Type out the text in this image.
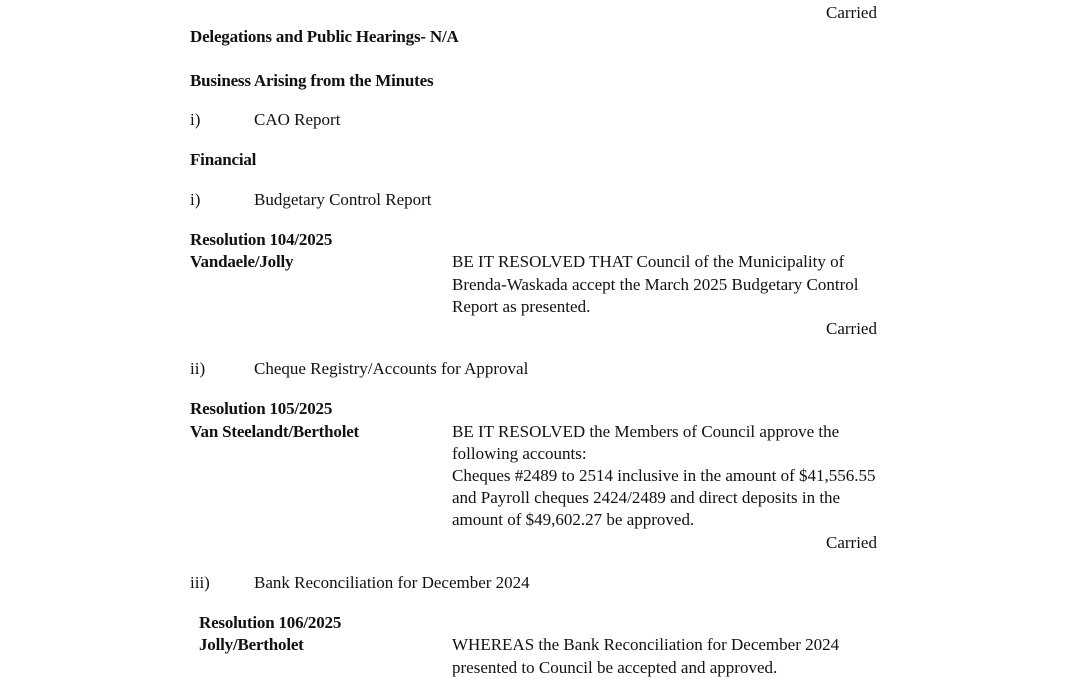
Carried
Delegations and Public Hearings- N/A
Business Arising from the Minutes
i)	CAO Report
Financial
i)	Budgetary Control Report
Resolution 104/2025
Vandaele/Jolly	BE IT RESOLVED THAT Council of the Municipality of
Brenda-Waskada accept the March 2025 Budgetary Control
Report as presented.
Carried
ii)	Cheque Registry/Accounts for Approval
Resolution 105/2025
Van Steelandt/Bertholet	BE IT RESOLVED the Members of Council approve the
following accounts:
Cheques #2489 to 2514 inclusive in the amount of $41,556.55
and Payroll cheques 2424/2489 and direct deposits in the
amount of $49,602.27 be approved.
Carried
iii)	Bank Reconciliation for December 2024
Resolution 106/2025
Jolly/Bertholet	WHEREAS the Bank Reconciliation for December 2024
presented to Council be accepted and approved.
